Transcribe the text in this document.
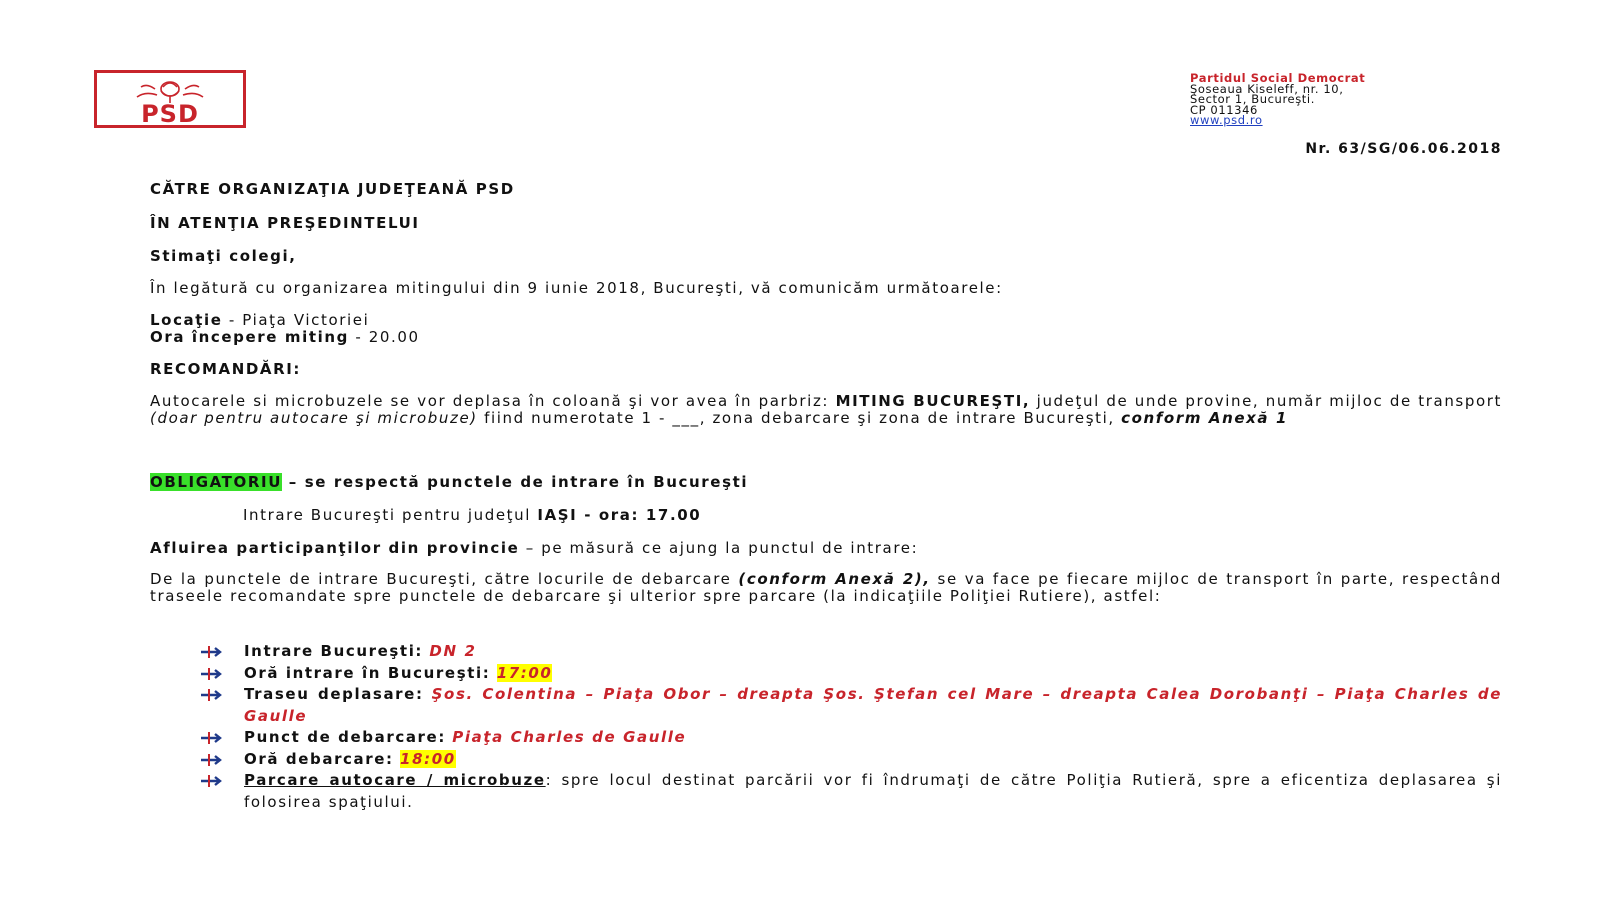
PSD
Partidul Social Democrat
Şoseaua Kiseleff, nr. 10,
Sector 1, Bucureşti.
CP 011346
www.psd.ro
Nr. 63/SG/06.06.2018
CĂTRE ORGANIZAŢIA JUDEŢEANĂ PSD
ÎN ATENŢIA PREŞEDINTELUI
Stimaţi colegi,
În legătură cu organizarea mitingului din 9 iunie 2018, Bucureşti, vă comunicăm următoarele:
Locaţie - Piaţa Victoriei
Ora începere miting - 20.00
RECOMANDĂRI:
Autocarele si microbuzele se vor deplasa în coloană şi vor avea în parbriz: MITING BUCUREŞTI, judeţul de unde provine, număr mijloc de transport (doar pentru autocare şi microbuze) fiind numerotate 1 - ___, zona debarcare şi zona de intrare Bucureşti, conform Anexă 1
OBLIGATORIU – se respectă punctele de intrare în Bucureşti
Intrare Bucureşti pentru judeţul IAŞI - ora: 17.00
Afluirea participanţilor din provincie – pe măsură ce ajung la punctul de intrare:
De la punctele de intrare Bucureşti, către locurile de debarcare (conform Anexă 2), se va face pe fiecare mijloc de transport în parte, respectând traseele recomandate spre punctele de debarcare şi ulterior spre parcare (la indicaţiile Poliţiei Rutiere), astfel:
Intrare Bucureşti: DN 2
Oră intrare în Bucureşti: 17:00
Traseu deplasare: Şos. Colentina – Piaţa Obor – dreapta Şos. Ştefan cel Mare – dreapta Calea Dorobanţi – Piaţa Charles de Gaulle
Punct de debarcare: Piaţa Charles de Gaulle
Oră debarcare: 18:00
Parcare autocare / microbuze: spre locul destinat parcării vor fi îndrumaţi de către Poliţia Rutieră, spre a eficentiza deplasarea şi folosirea spaţiului.
